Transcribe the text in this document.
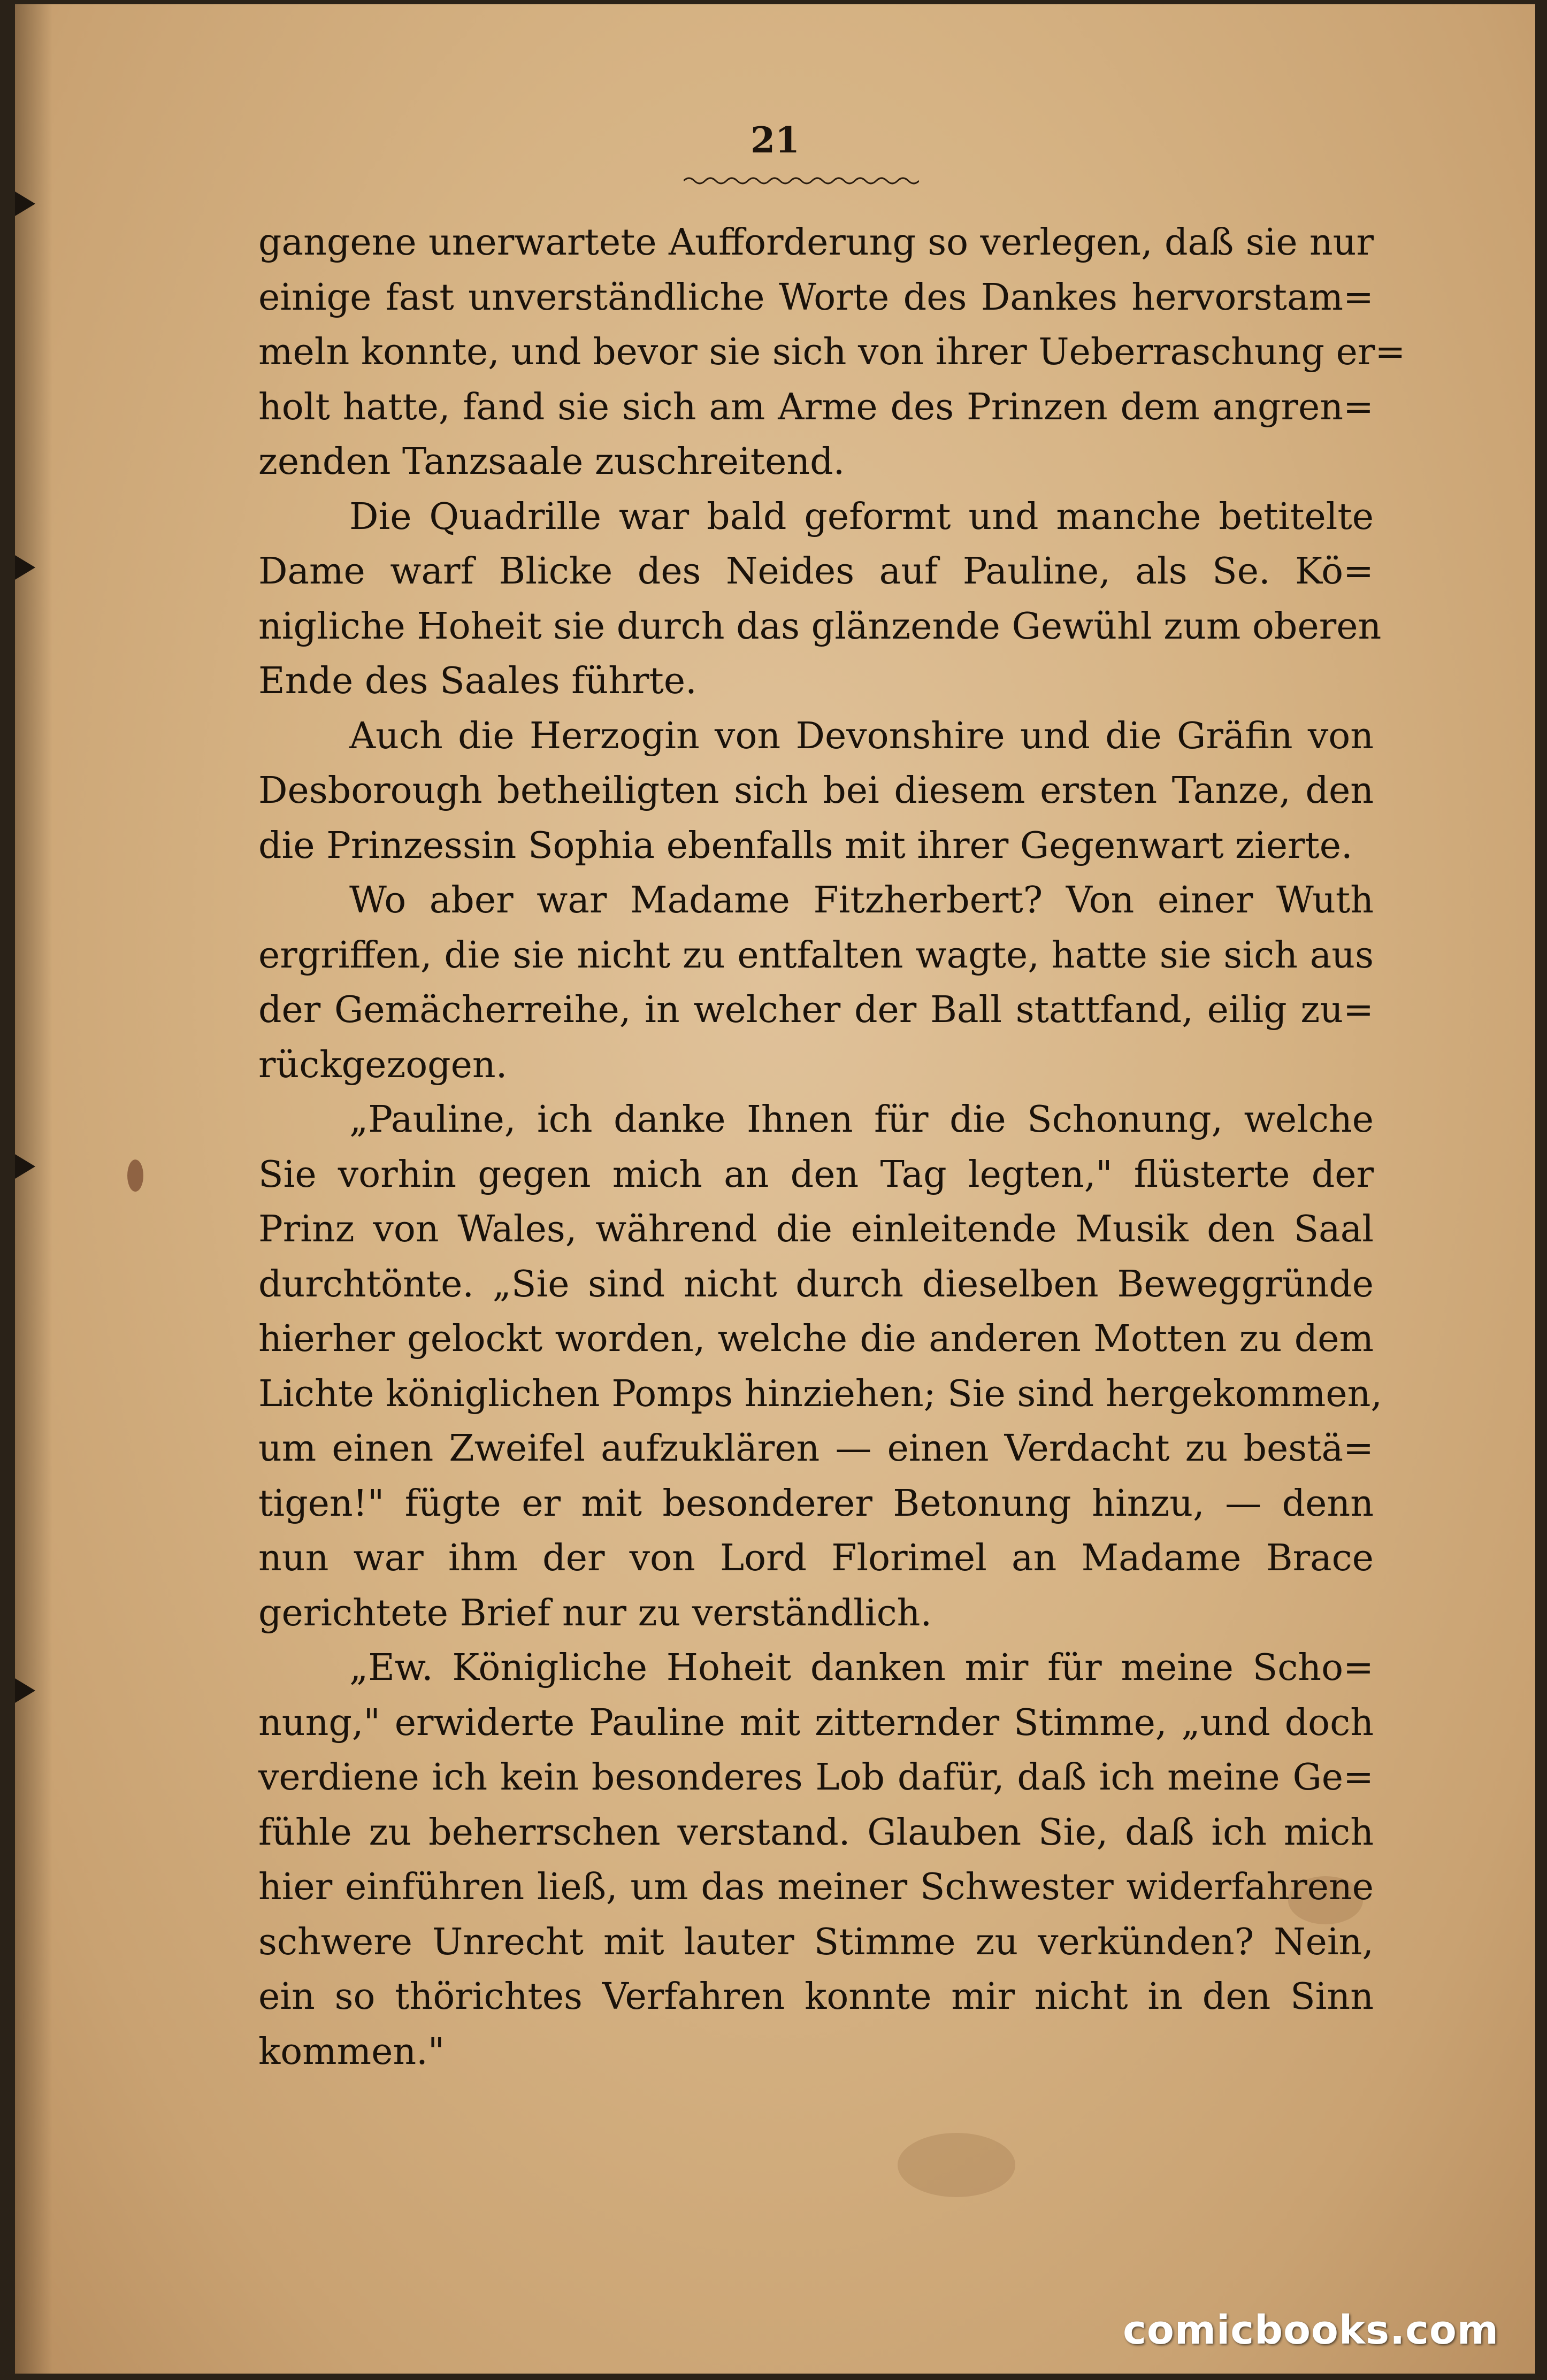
21
gangene unerwartete Aufforderung so verlegen, daß sie nur
einige fast unverständliche Worte des Dankes hervorstam=
meln konnte, und bevor sie sich von ihrer Ueberraschung er=
holt hatte, fand sie sich am Arme des Prinzen dem angren=
zenden Tanzsaale zuschreitend.
Die Quadrille war bald geformt und manche betitelte
Dame warf Blicke des Neides auf Pauline, als Se. Kö=
nigliche Hoheit sie durch das glänzende Gewühl zum oberen
Ende des Saales führte.
Auch die Herzogin von Devonshire und die Gräfin von
Desborough betheiligten sich bei diesem ersten Tanze, den
die Prinzessin Sophia ebenfalls mit ihrer Gegenwart zierte.
Wo aber war Madame Fitzherbert? Von einer Wuth
ergriffen, die sie nicht zu entfalten wagte, hatte sie sich aus
der Gemächerreihe, in welcher der Ball stattfand, eilig zu=
rückgezogen.
„Pauline, ich danke Ihnen für die Schonung, welche
Sie vorhin gegen mich an den Tag legten," flüsterte der
Prinz von Wales, während die einleitende Musik den Saal
durchtönte. „Sie sind nicht durch dieselben Beweggründe
hierher gelockt worden, welche die anderen Motten zu dem
Lichte königlichen Pomps hinziehen; Sie sind hergekommen,
um einen Zweifel aufzuklären — einen Verdacht zu bestä=
tigen!" fügte er mit besonderer Betonung hinzu, — denn
nun war ihm der von Lord Florimel an Madame Brace
gerichtete Brief nur zu verständlich.
„Ew. Königliche Hoheit danken mir für meine Scho=
nung," erwiderte Pauline mit zitternder Stimme, „und doch
verdiene ich kein besonderes Lob dafür, daß ich meine Ge=
fühle zu beherrschen verstand. Glauben Sie, daß ich mich
hier einführen ließ, um das meiner Schwester widerfahrene
schwere Unrecht mit lauter Stimme zu verkünden? Nein,
ein so thörichtes Verfahren konnte mir nicht in den Sinn
kommen."
comicbooks.com
